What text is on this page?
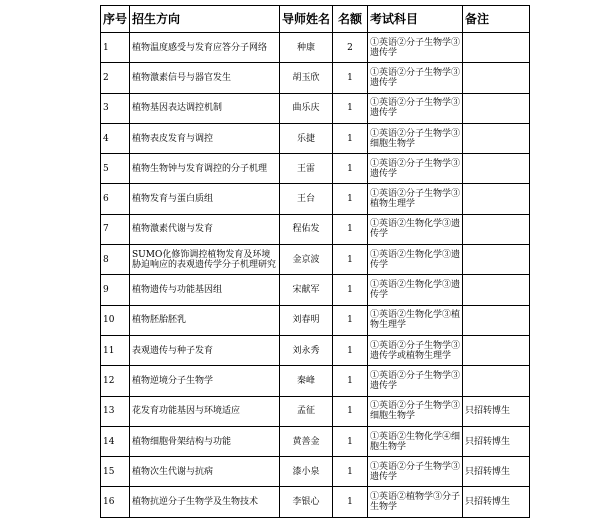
序号	招生方向	导师姓名	名额	考试科目	备注
1	植物温度感受与发育应答分子网络	种康	2	①英语②分子生物学③遗传学	
2	植物激素信号与器官发生	胡玉欣	1	①英语②分子生物学③遗传学	
3	植物基因表达调控机制	曲乐庆	1	①英语②分子生物学③遗传学	
4	植物表皮发育与调控	乐捷	1	①英语②分子生物学③细胞生物学	
5	植物生物钟与发育调控的分子机理	王雷	1	①英语②分子生物学③遗传学	
6	植物发育与蛋白质组	王台	1	①英语②分子生物学③植物生理学	
7	植物激素代谢与发育	程佑发	1	①英语②生物化学③遗传学	
8	SUMO化修饰调控植物发育及环境胁迫响应的表观遗传学分子机理研究	金京波	1	①英语②生物化学③遗传学	
9	植物遗传与功能基因组	宋献军	1	①英语②生物化学③遗传学	
10	植物胚胎胚乳	刘春明	1	①英语②生物化学③植物生理学	
11	表观遗传与种子发育	刘永秀	1	①英语②分子生物学③遗传学或植物生理学	
12	植物逆境分子生物学	秦峰	1	①英语②分子生物学③遗传学	
13	花发育功能基因与环境适应	孟征	1	①英语②分子生物学③细胞生物学	只招转博生
14	植物细胞骨架结构与功能	黄善金	1	①英语②生物化学④细胞生物学	只招转博生
15	植物次生代谢与抗病	漆小泉	1	①英语②分子生物学③遗传学	只招转博生
16	植物抗逆分子生物学及生物技术	李银心	1	①英语②植物学③分子生物学	只招转博生
